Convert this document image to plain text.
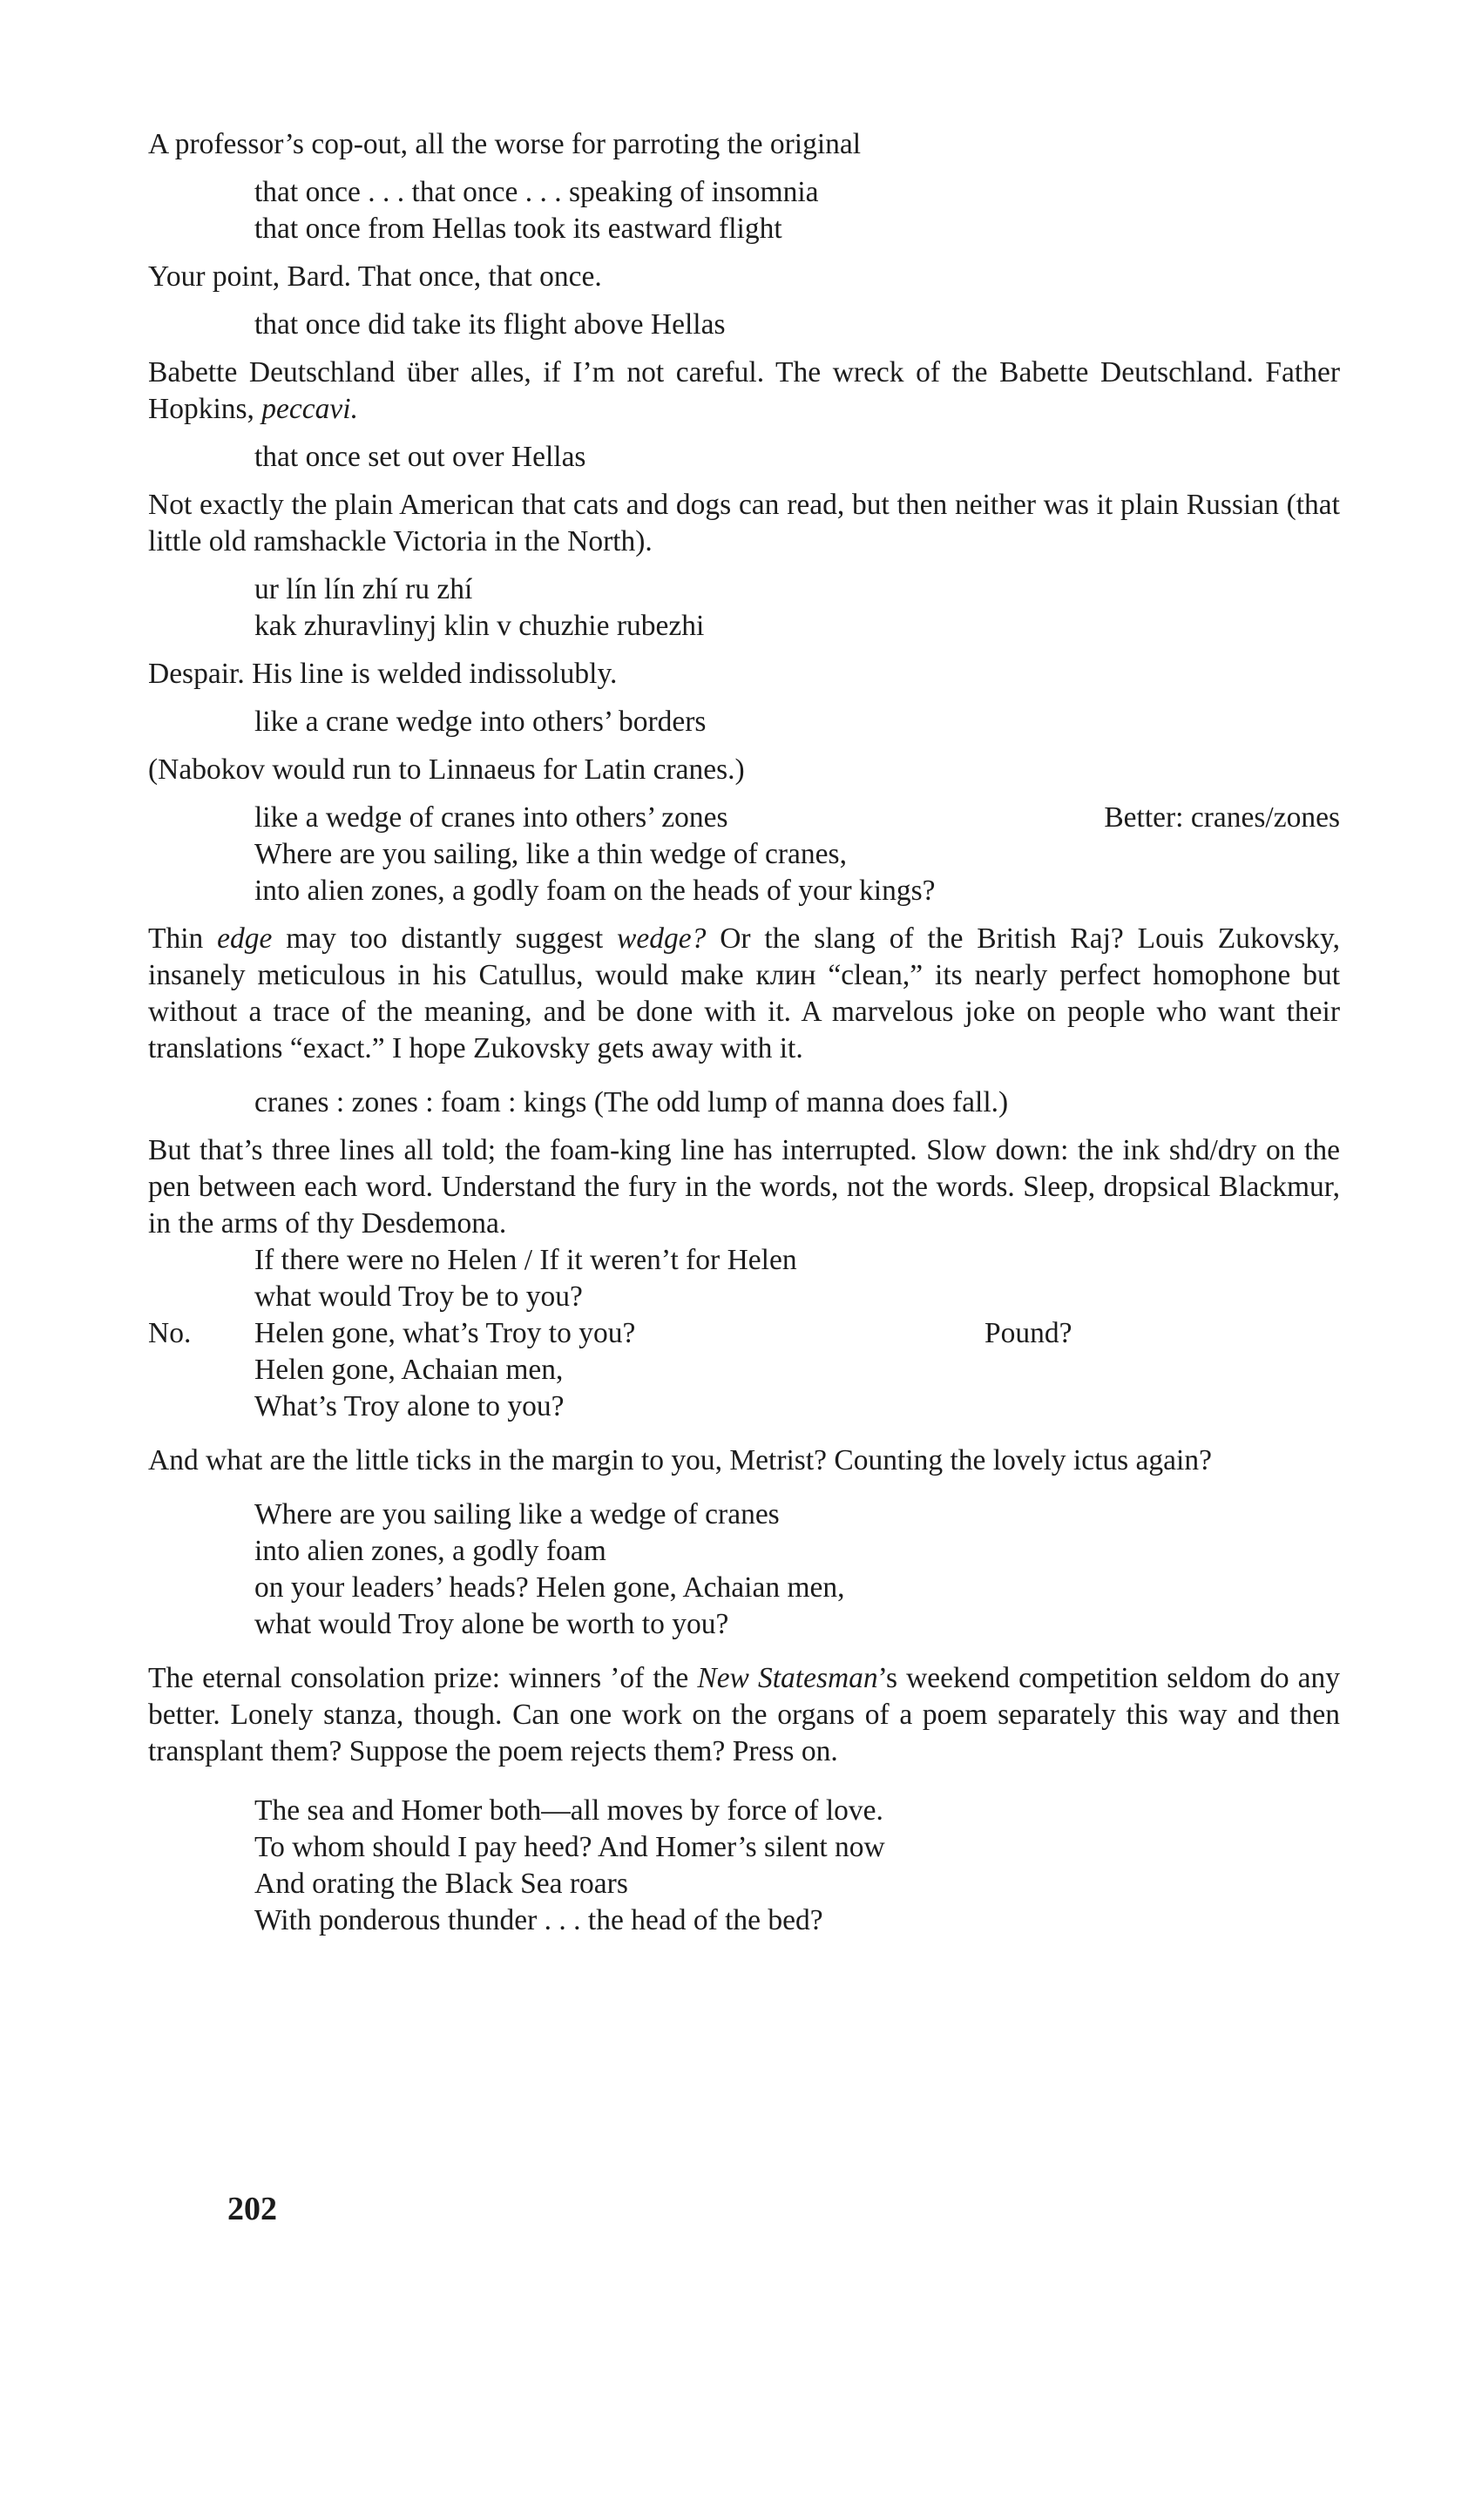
A professor’s cop-out, all the worse for parroting the original

that once . . . that once . . . speaking of insomnia
that once from Hellas took its eastward flight

Your point, Bard. That once, that once.

that once did take its flight above Hellas

Babette Deutschland über alles, if I’m not careful. The wreck of the Babette Deutschland. Father Hopkins, peccavi.

that once set out over Hellas

Not exactly the plain American that cats and dogs can read, but then neither was it plain Russian (that little old ramshackle Victoria in the North).

ur lín lín zhí ru zhí
kak zhuravlinyj klin v chuzhie rubezhi

Despair. His line is welded indissolubly.

like a crane wedge into others’ borders

(Nabokov would run to Linnaeus for Latin cranes.)

like a wedge of cranes into others’ zones	Better: cranes/zones
Where are you sailing, like a thin wedge of cranes,
into alien zones, a godly foam on the heads of your kings?

Thin edge may too distantly suggest wedge? Or the slang of the British Raj? Louis Zukovsky, insanely meticulous in his Catullus, would make клин “clean,” its nearly perfect homophone but without a trace of the meaning, and be done with it. A marvelous joke on people who want their translations “exact.” I hope Zukovsky gets away with it.

cranes : zones : foam : kings (The odd lump of manna does fall.)

But that’s three lines all told; the foam-king line has interrupted. Slow down: the ink shd/dry on the pen between each word. Understand the fury in the words, not the words. Sleep, dropsical Blackmur, in the arms of thy Desdemona.

If there were no Helen / If it weren’t for Helen
what would Troy be to you?
No. Helen gone, what’s Troy to you?	Pound?
Helen gone, Achaian men,
What’s Troy alone to you?

And what are the little ticks in the margin to you, Metrist? Counting the lovely ictus again?

Where are you sailing like a wedge of cranes
into alien zones, a godly foam
on your leaders’ heads? Helen gone, Achaian men,
what would Troy alone be worth to you?

The eternal consolation prize: winners ’of the New Statesman’s weekend competition seldom do any better. Lonely stanza, though. Can one work on the organs of a poem separately this way and then transplant them? Suppose the poem rejects them? Press on.

The sea and Homer both—all moves by force of love.
To whom should I pay heed? And Homer’s silent now
And orating the Black Sea roars
With ponderous thunder . . . the head of the bed?
202
